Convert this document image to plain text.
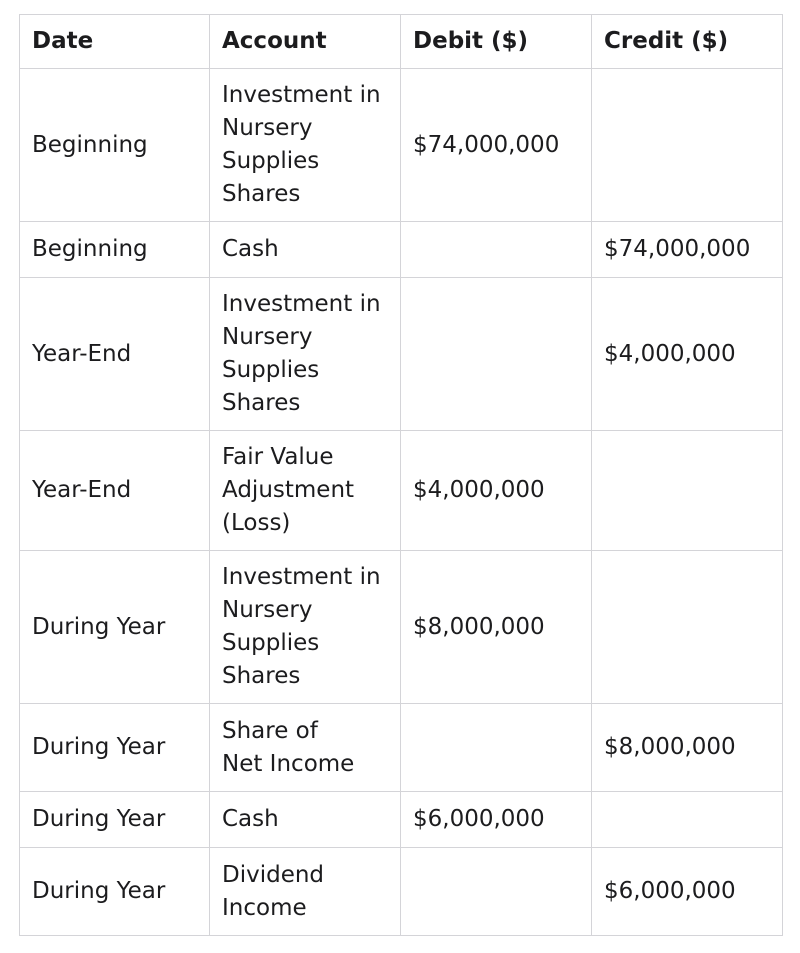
Date	Account	Debit ($)	Credit ($)
Beginning	Investment in
Nursery
Supplies
Shares	$74,000,000	
Beginning	Cash		$74,000,000
Year-End	Investment in
Nursery
Supplies
Shares		$4,000,000
Year-End	Fair Value
Adjustment
(Loss)	$4,000,000	
During Year	Investment in
Nursery
Supplies
Shares	$8,000,000	
During Year	Share of
Net Income		$8,000,000
During Year	Cash	$6,000,000	
During Year	Dividend
Income		$6,000,000
